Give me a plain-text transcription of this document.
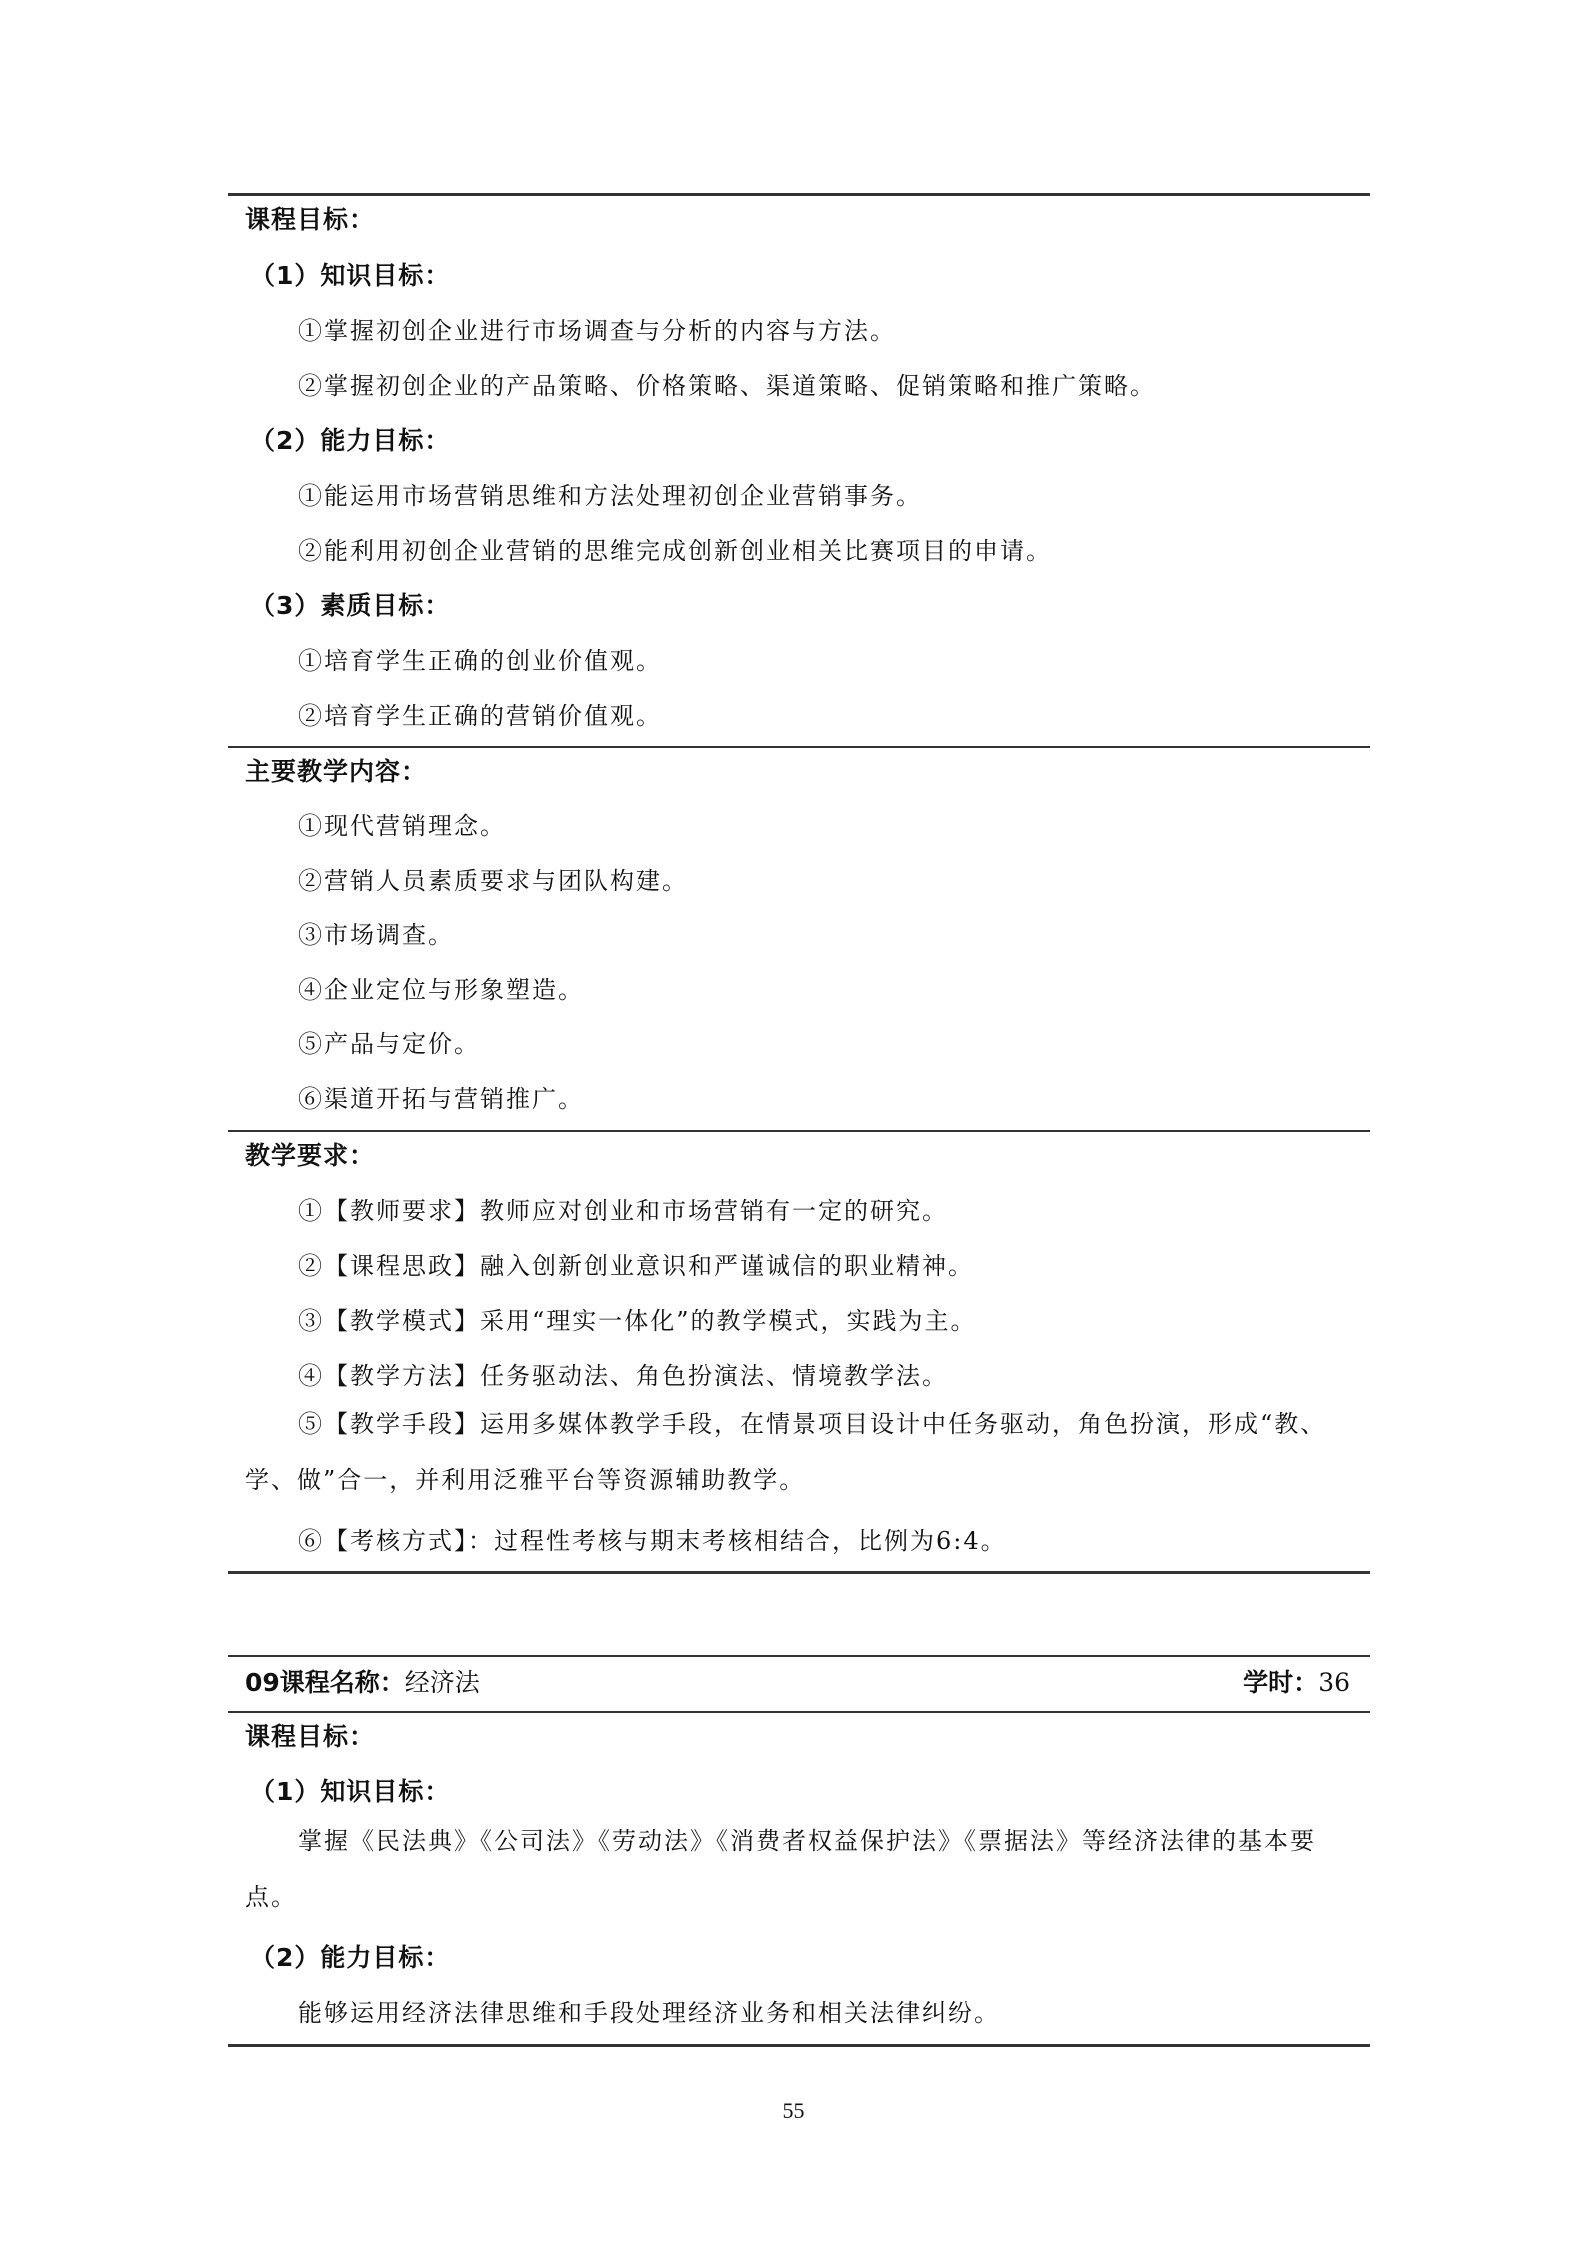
课程目标：
（1）知识目标：
①掌握初创企业进行市场调查与分析的内容与方法。
②掌握初创企业的产品策略、价格策略、渠道策略、促销策略和推广策略。
（2）能力目标：
①能运用市场营销思维和方法处理初创企业营销事务。
②能利用初创企业营销的思维完成创新创业相关比赛项目的申请。
（3）素质目标：
①培育学生正确的创业价值观。
②培育学生正确的营销价值观。
主要教学内容：
①现代营销理念。
②营销人员素质要求与团队构建。
③市场调查。
④企业定位与形象塑造。
⑤产品与定价。
⑥渠道开拓与营销推广。
教学要求：
①【教师要求】教师应对创业和市场营销有一定的研究。
②【课程思政】融入创新创业意识和严谨诚信的职业精神。
③【教学模式】采用“理实一体化”的教学模式，实践为主。
④【教学方法】任务驱动法、角色扮演法、情境教学法。
⑤【教学手段】运用多媒体教学手段，在情景项目设计中任务驱动，角色扮演，形成“教、学、做”合一，并利用泛雅平台等资源辅助教学。
⑥【考核方式】：过程性考核与期末考核相结合，比例为6:4。
09课程名称：经济法	学时：36
课程目标：
（1）知识目标：
掌握《民法典》《公司法》《劳动法》《消费者权益保护法》《票据法》等经济法律的基本要点。
（2）能力目标：
能够运用经济法律思维和手段处理经济业务和相关法律纠纷。
55
